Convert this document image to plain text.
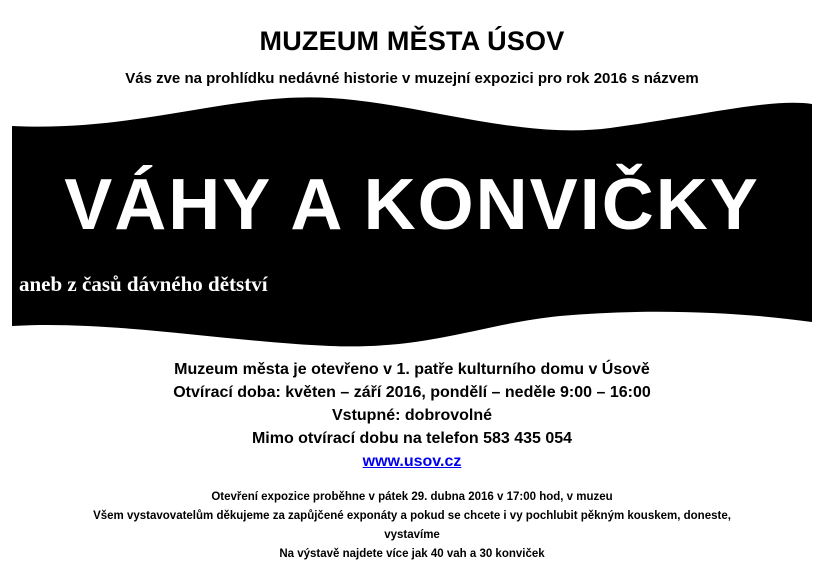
MUZEUM MĚSTA ÚSOV
Vás zve na prohlídku nedávné historie v muzejní expozici pro rok 2016 s názvem
VÁHY A KONVIČKY
aneb z časů dávného dětství
Muzeum města je otevřeno v 1. patře kulturního domu v Úsově
Otvírací doba: květen – září 2016, pondělí – neděle 9:00 – 16:00
Vstupné: dobrovolné
Mimo otvírací dobu na telefon 583 435 054
www.usov.cz
Otevření expozice proběhne v pátek 29. dubna 2016 v 17:00 hod, v muzeu
Všem vystavovatelům děkujeme za zapůjčené exponáty a pokud se chcete i vy pochlubit pěkným kouskem, doneste,
vystavíme
Na výstavě najdete více jak 40 vah a 30 konviček
